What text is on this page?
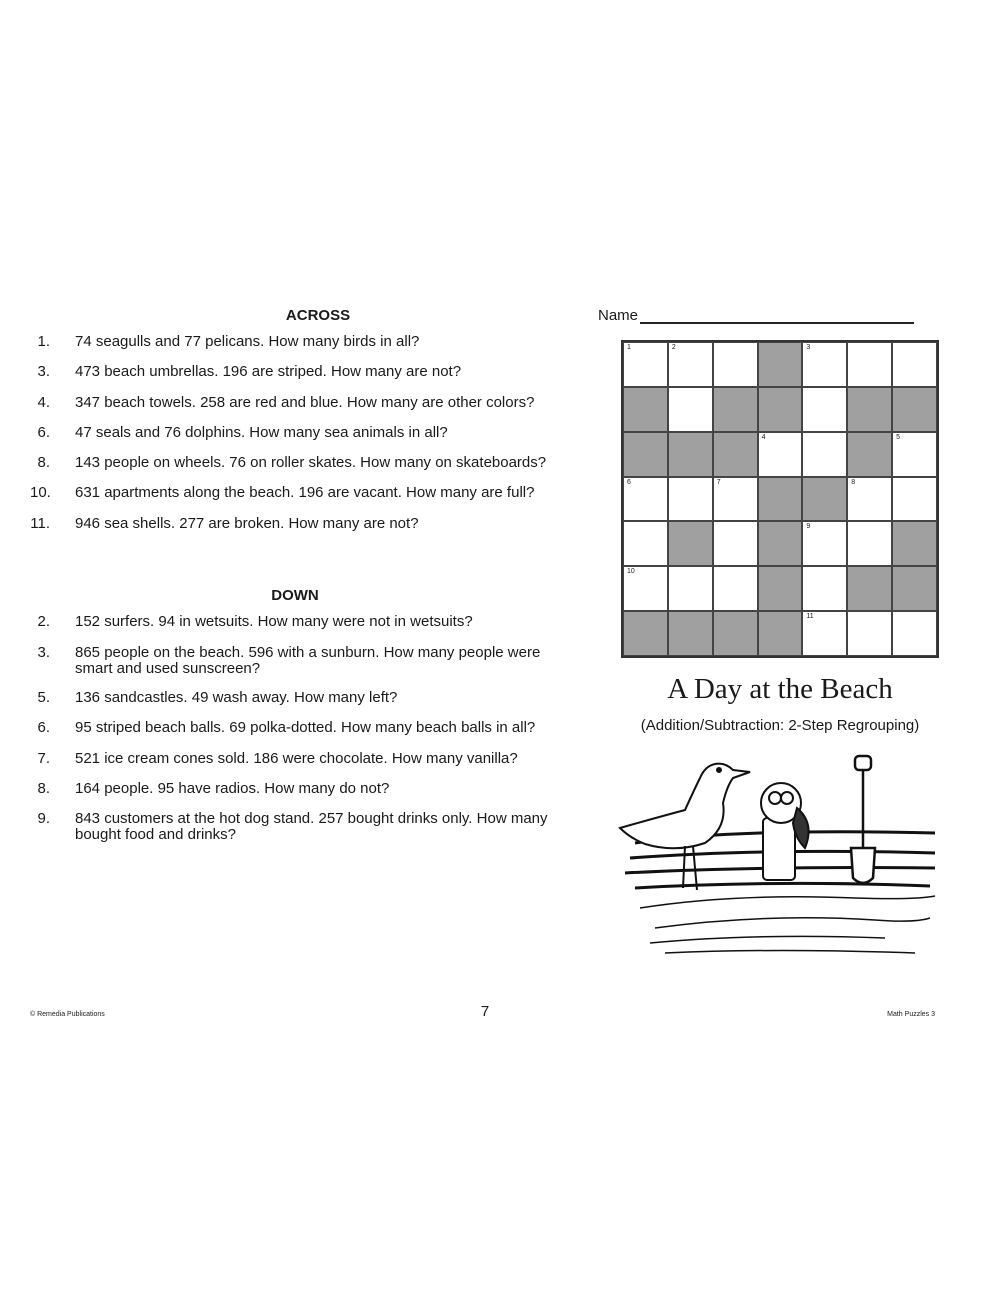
ACROSS
1. 74 seagulls and 77 pelicans. How many birds in all?
3. 473 beach umbrellas. 196 are striped. How many are not?
4. 347 beach towels. 258 are red and blue. How many are other colors?
6. 47 seals and 76 dolphins. How many sea animals in all?
8. 143 people on wheels. 76 on roller skates. How many on skateboards?
10. 631 apartments along the beach. 196 are vacant. How many are full?
11. 946 sea shells. 277 are broken. How many are not?
DOWN
2. 152 surfers. 94 in wetsuits. How many were not in wetsuits?
3. 865 people on the beach. 596 with a sunburn. How many people were smart and used sunscreen?
5. 136 sandcastles. 49 wash away. How many left?
6. 95 striped beach balls. 69 polka-dotted. How many beach balls in all?
7. 521 ice cream cones sold. 186 were chocolate. How many vanilla?
8. 164 people. 95 have radios. How many do not?
9. 843 customers at the hot dog stand. 257 bought drinks only. How many bought food and drinks?
Name
1	2	3
4	5
6	7	8
9
10
11
A Day at the Beach
(Addition/Subtraction: 2-Step Regrouping)
© Remedia Publications	7	Math Puzzles 3
